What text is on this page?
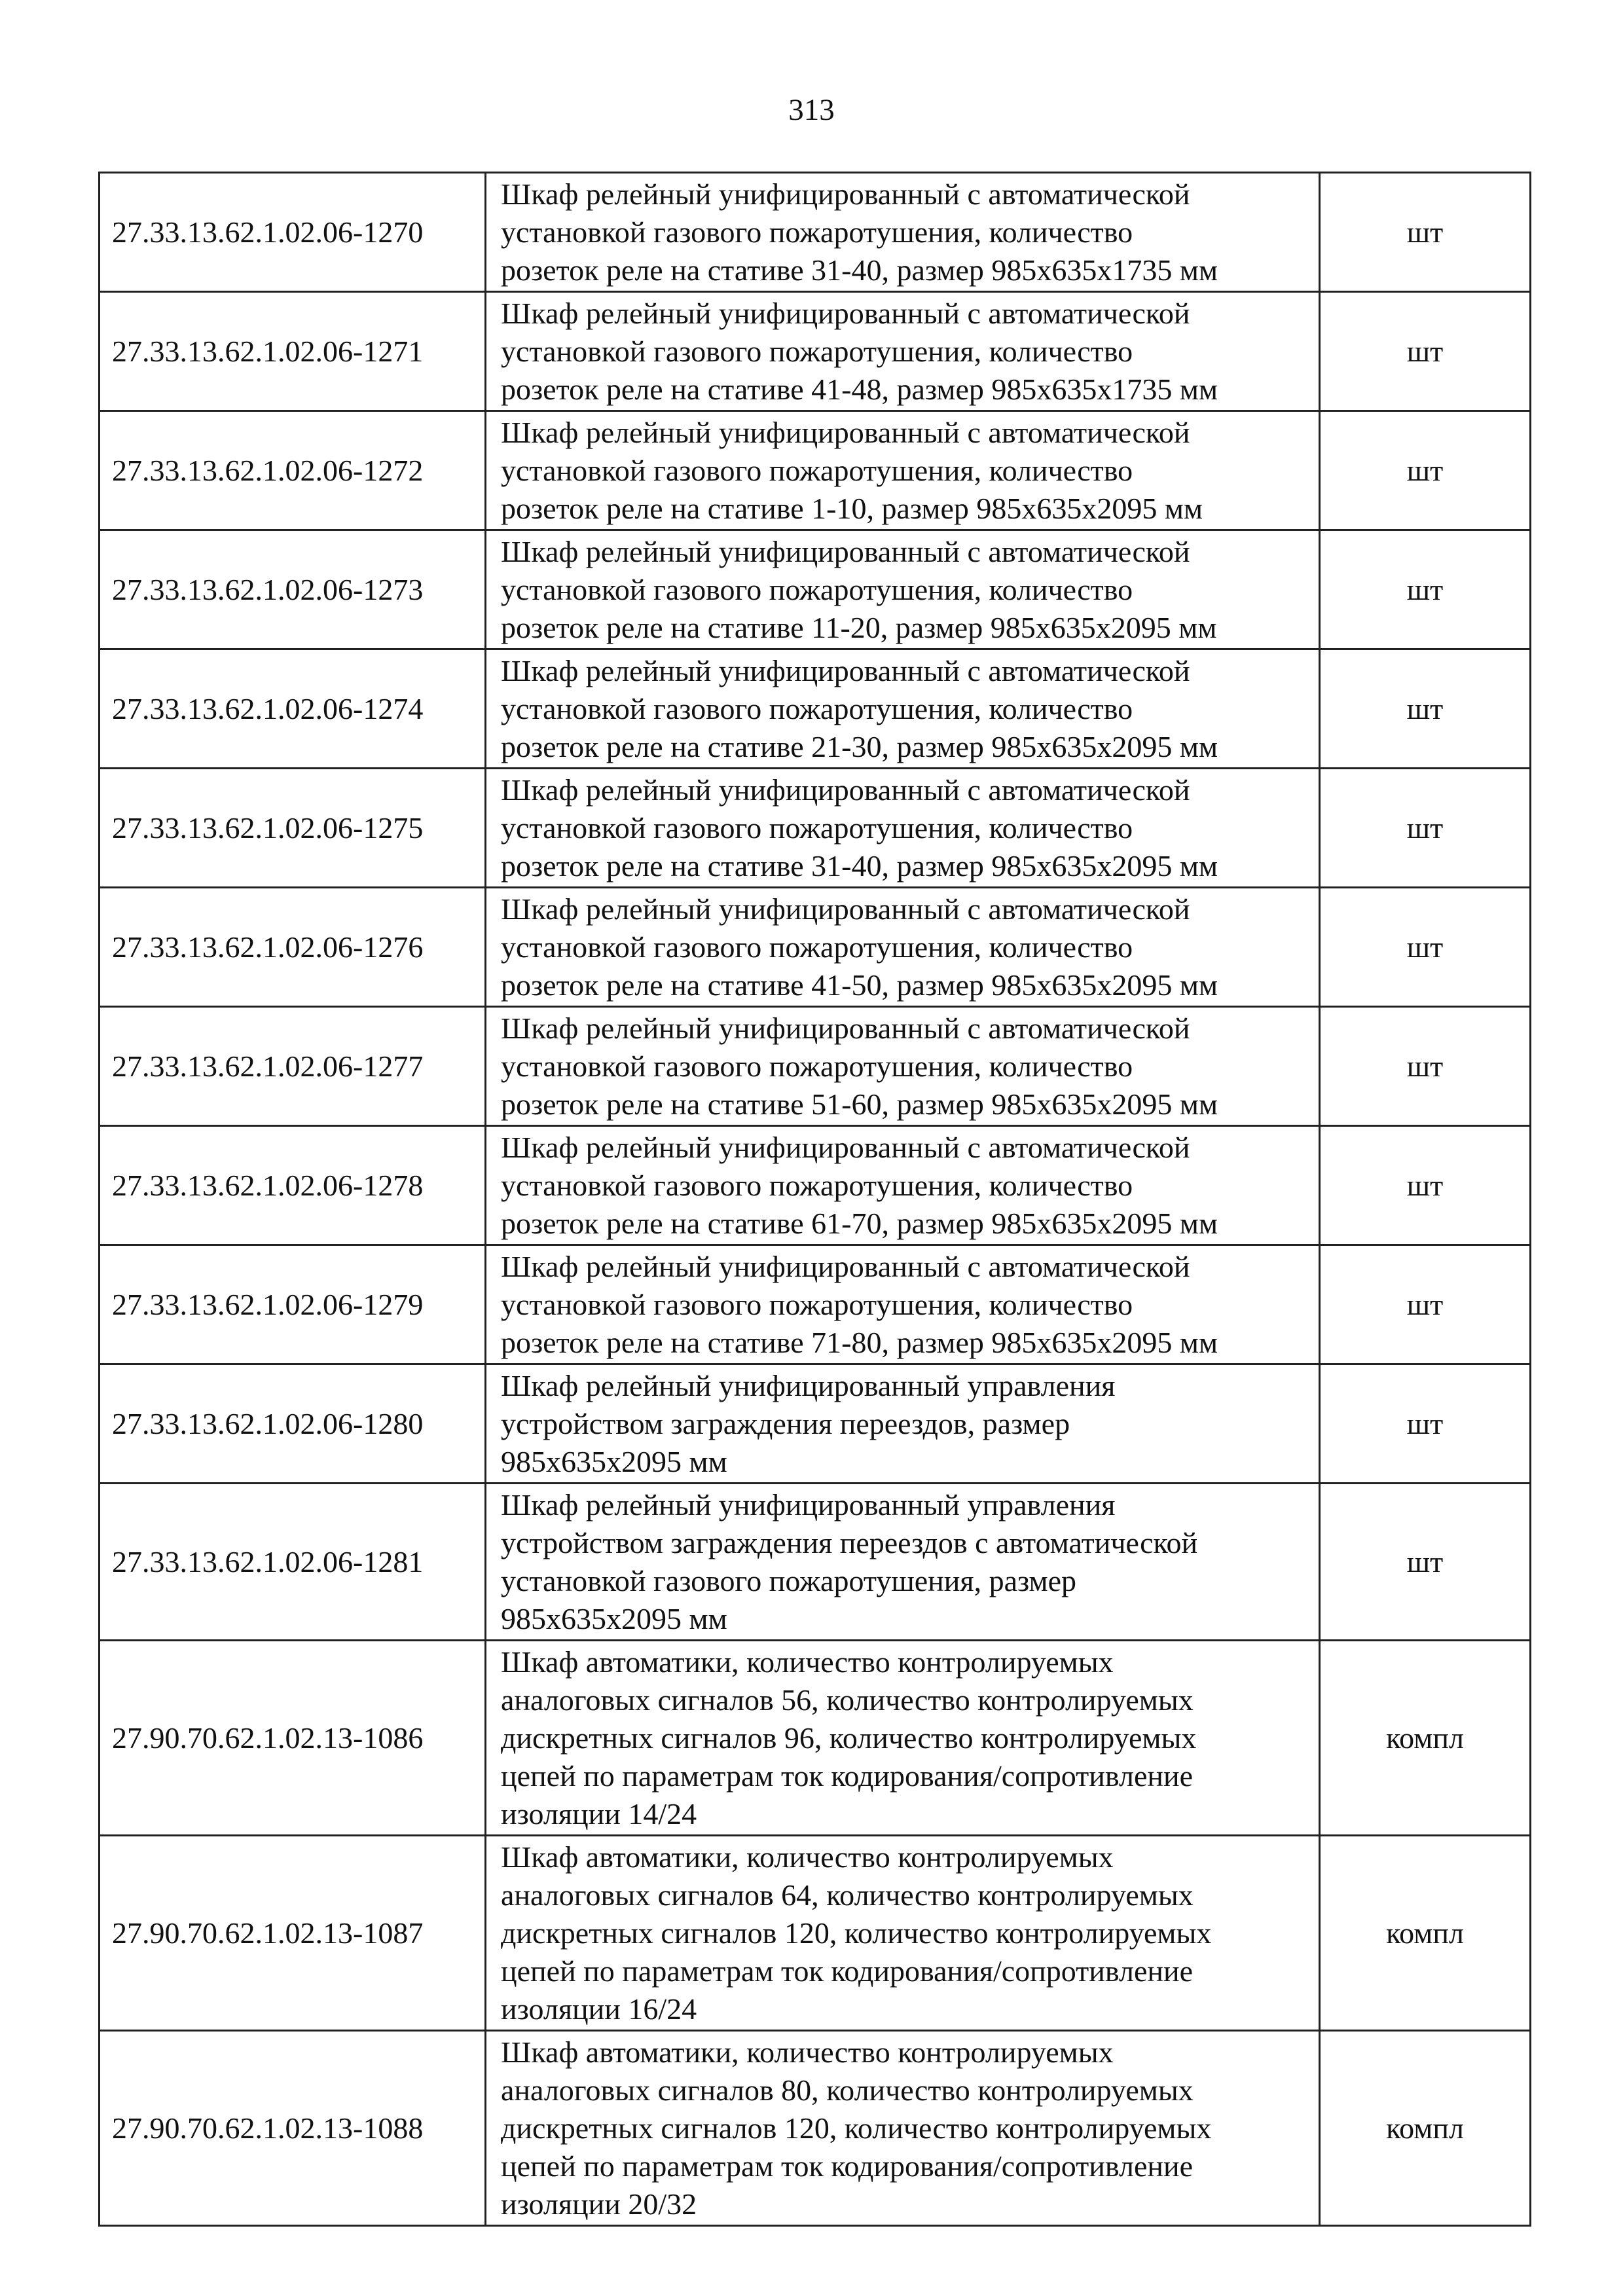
313
27.33.13.62.1.02.06-1270	Шкаф релейный унифицированный с автоматической
установкой газового пожаротушения, количество
розеток реле на стативе 31-40, размер 985х635х1735 мм	шт
27.33.13.62.1.02.06-1271	Шкаф релейный унифицированный с автоматической
установкой газового пожаротушения, количество
розеток реле на стативе 41-48, размер 985х635х1735 мм	шт
27.33.13.62.1.02.06-1272	Шкаф релейный унифицированный с автоматической
установкой газового пожаротушения, количество
розеток реле на стативе 1-10, размер 985х635х2095 мм	шт
27.33.13.62.1.02.06-1273	Шкаф релейный унифицированный с автоматической
установкой газового пожаротушения, количество
розеток реле на стативе 11-20, размер 985х635х2095 мм	шт
27.33.13.62.1.02.06-1274	Шкаф релейный унифицированный с автоматической
установкой газового пожаротушения, количество
розеток реле на стативе 21-30, размер 985х635х2095 мм	шт
27.33.13.62.1.02.06-1275	Шкаф релейный унифицированный с автоматической
установкой газового пожаротушения, количество
розеток реле на стативе 31-40, размер 985х635х2095 мм	шт
27.33.13.62.1.02.06-1276	Шкаф релейный унифицированный с автоматической
установкой газового пожаротушения, количество
розеток реле на стативе 41-50, размер 985х635х2095 мм	шт
27.33.13.62.1.02.06-1277	Шкаф релейный унифицированный с автоматической
установкой газового пожаротушения, количество
розеток реле на стативе 51-60, размер 985х635х2095 мм	шт
27.33.13.62.1.02.06-1278	Шкаф релейный унифицированный с автоматической
установкой газового пожаротушения, количество
розеток реле на стативе 61-70, размер 985х635х2095 мм	шт
27.33.13.62.1.02.06-1279	Шкаф релейный унифицированный с автоматической
установкой газового пожаротушения, количество
розеток реле на стативе 71-80, размер 985х635х2095 мм	шт
27.33.13.62.1.02.06-1280	Шкаф релейный унифицированный управления
устройством заграждения переездов, размер
985х635х2095 мм	шт
27.33.13.62.1.02.06-1281	Шкаф релейный унифицированный управления
устройством заграждения переездов с автоматической
установкой газового пожаротушения, размер
985х635х2095 мм	шт
27.90.70.62.1.02.13-1086	Шкаф автоматики, количество контролируемых
аналоговых сигналов 56, количество контролируемых
дискретных сигналов 96, количество контролируемых
цепей по параметрам ток кодирования/сопротивление
изоляции 14/24	компл
27.90.70.62.1.02.13-1087	Шкаф автоматики, количество контролируемых
аналоговых сигналов 64, количество контролируемых
дискретных сигналов 120, количество контролируемых
цепей по параметрам ток кодирования/сопротивление
изоляции 16/24	компл
27.90.70.62.1.02.13-1088	Шкаф автоматики, количество контролируемых
аналоговых сигналов 80, количество контролируемых
дискретных сигналов 120, количество контролируемых
цепей по параметрам ток кодирования/сопротивление
изоляции 20/32	компл
